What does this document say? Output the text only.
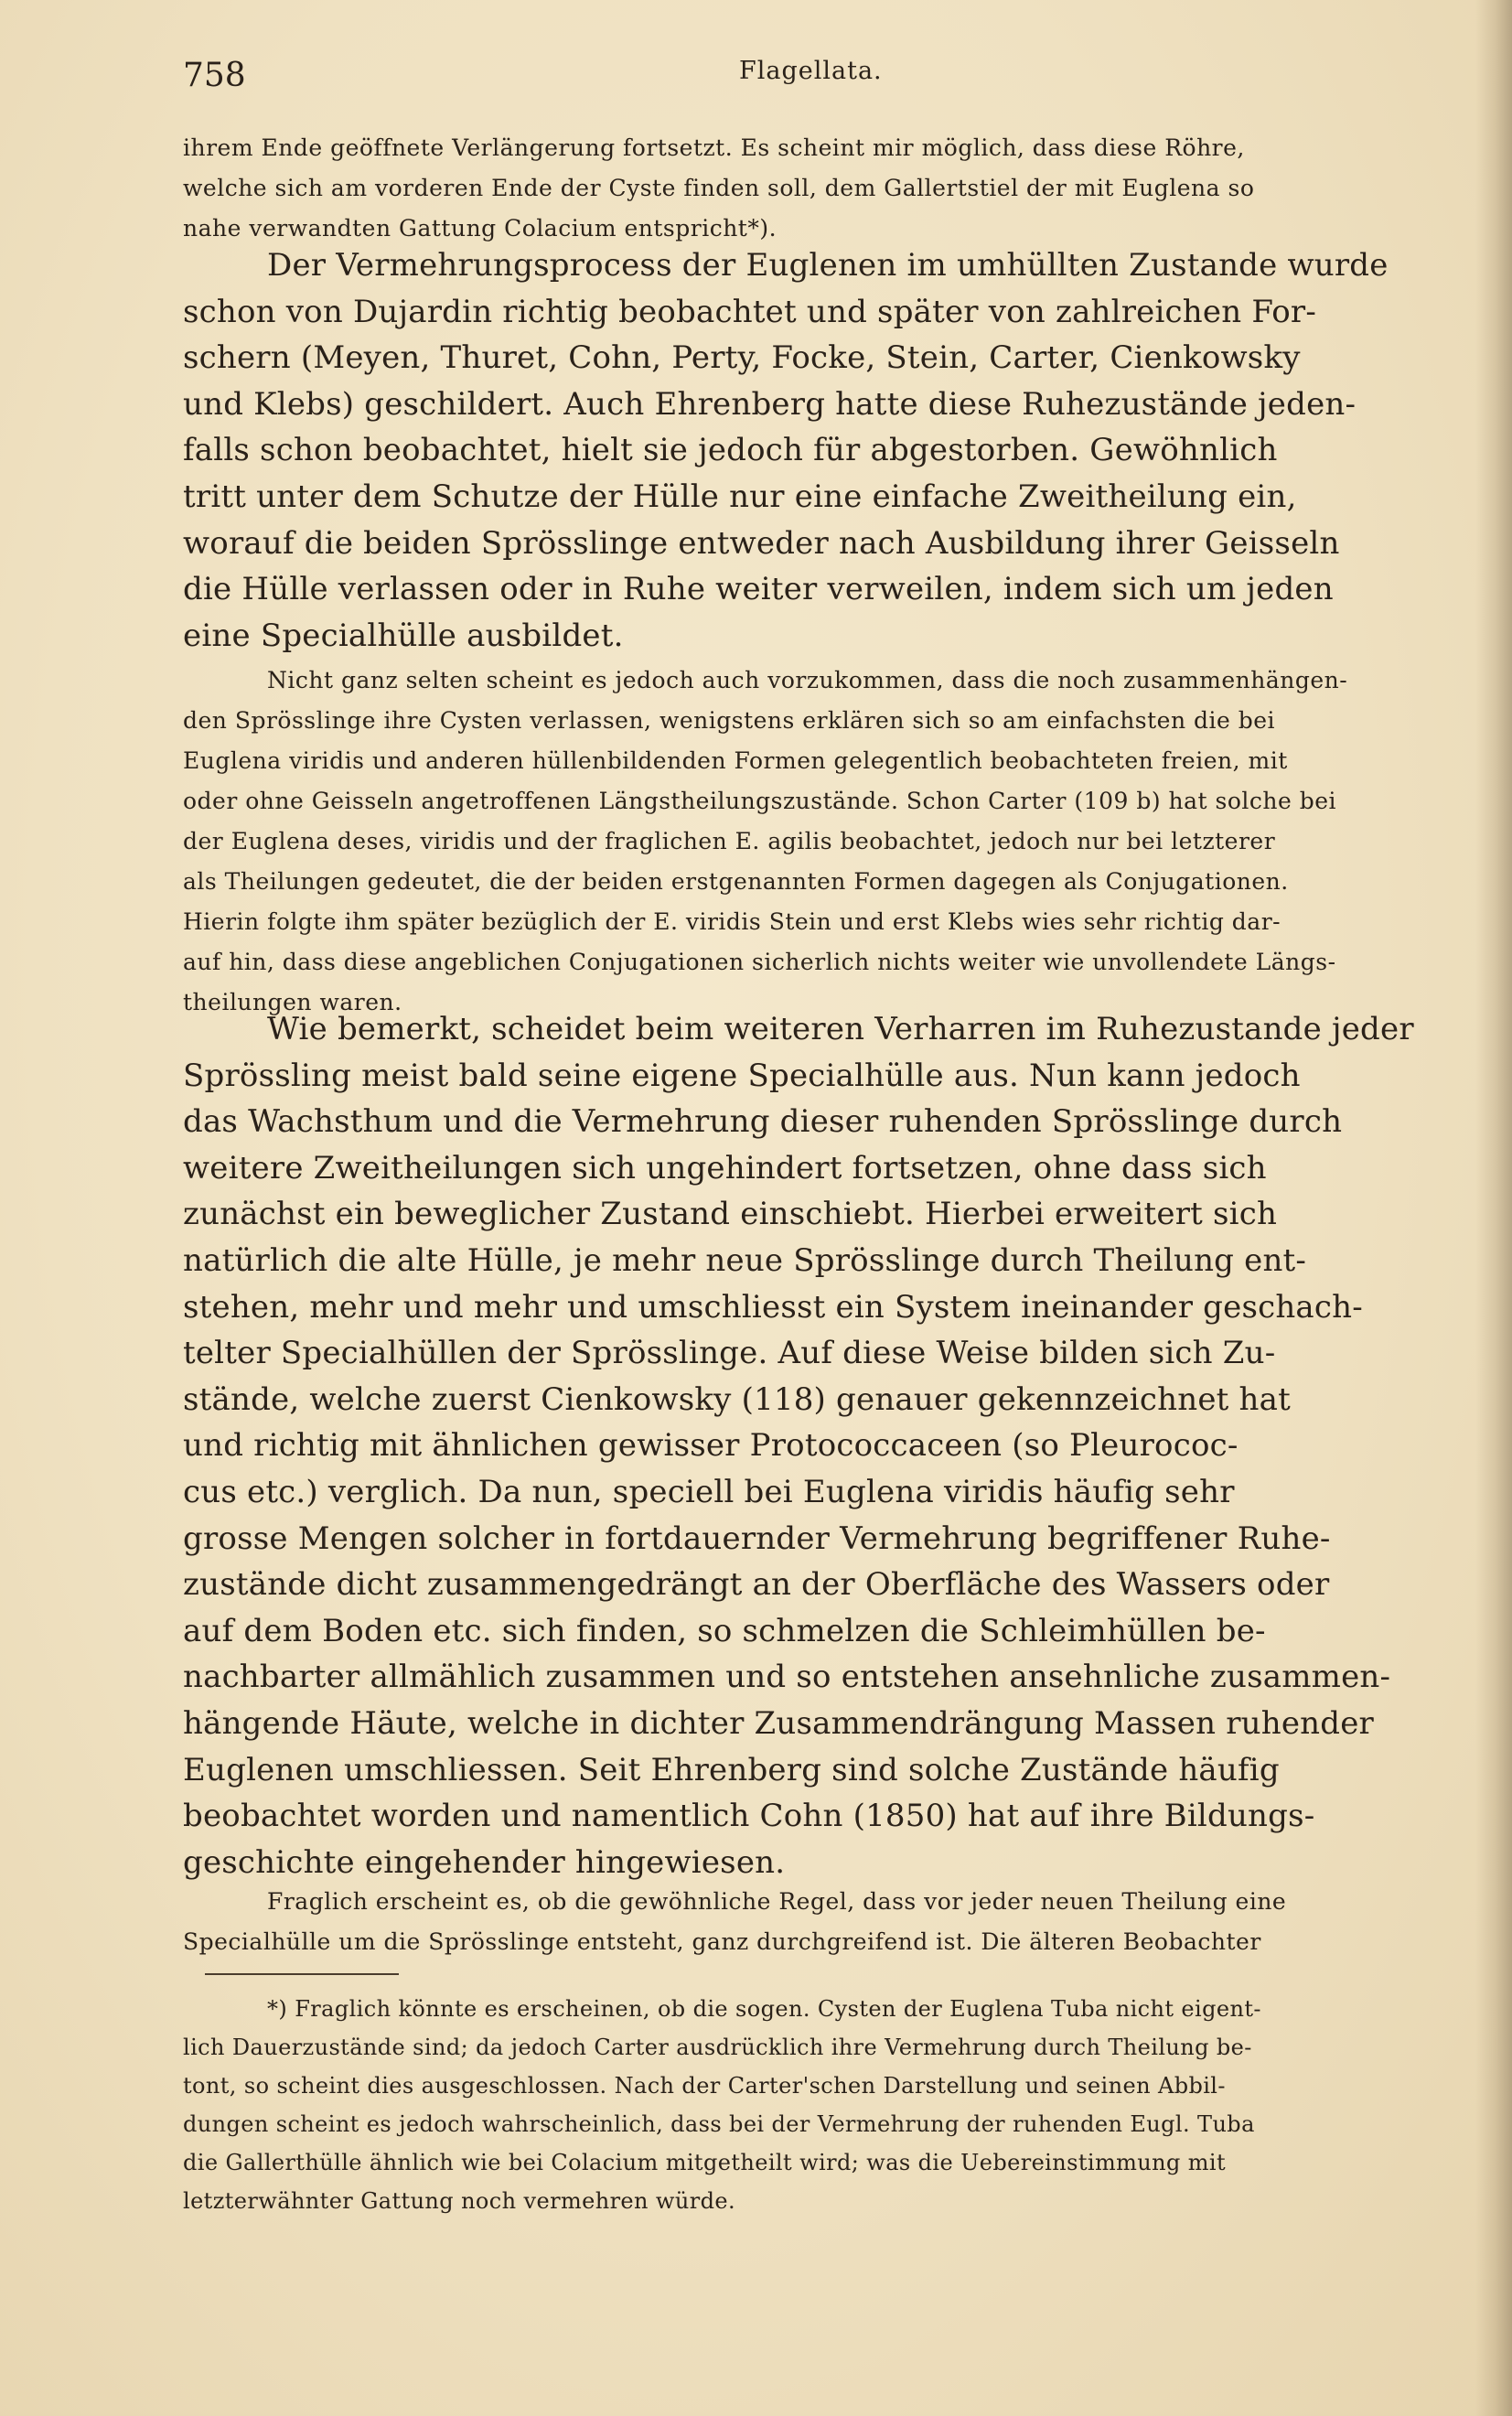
758	Flagellata.
ihrem Ende geöffnete Verlängerung fortsetzt. Es scheint mir möglich, dass diese Röhre,
welche sich am vorderen Ende der Cyste finden soll, dem Gallertstiel der mit Euglena so
nahe verwandten Gattung Colacium entspricht*).
Der Vermehrungsprocess der Euglenen im umhüllten Zustande wurde
schon von Dujardin richtig beobachtet und später von zahlreichen For-
schern (Meyen, Thuret, Cohn, Perty, Focke, Stein, Carter, Cienkowsky
und Klebs) geschildert. Auch Ehrenberg hatte diese Ruhezustände jeden-
falls schon beobachtet, hielt sie jedoch für abgestorben. Gewöhnlich
tritt unter dem Schutze der Hülle nur eine einfache Zweitheilung ein,
worauf die beiden Sprösslinge entweder nach Ausbildung ihrer Geisseln
die Hülle verlassen oder in Ruhe weiter verweilen, indem sich um jeden
eine Specialhülle ausbildet.
Nicht ganz selten scheint es jedoch auch vorzukommen, dass die noch zusammenhängen-
den Sprösslinge ihre Cysten verlassen, wenigstens erklären sich so am einfachsten die bei
Euglena viridis und anderen hüllenbildenden Formen gelegentlich beobachteten freien, mit
oder ohne Geisseln angetroffenen Längstheilungszustände. Schon Carter (109 b) hat solche bei
der Euglena deses, viridis und der fraglichen E. agilis beobachtet, jedoch nur bei letzterer
als Theilungen gedeutet, die der beiden erstgenannten Formen dagegen als Conjugationen.
Hierin folgte ihm später bezüglich der E. viridis Stein und erst Klebs wies sehr richtig dar-
auf hin, dass diese angeblichen Conjugationen sicherlich nichts weiter wie unvollendete Längs-
theilungen waren.
Wie bemerkt, scheidet beim weiteren Verharren im Ruhezustande jeder
Sprössling meist bald seine eigene Specialhülle aus. Nun kann jedoch
das Wachsthum und die Vermehrung dieser ruhenden Sprösslinge durch
weitere Zweitheilungen sich ungehindert fortsetzen, ohne dass sich
zunächst ein beweglicher Zustand einschiebt. Hierbei erweitert sich
natürlich die alte Hülle, je mehr neue Sprösslinge durch Theilung ent-
stehen, mehr und mehr und umschliesst ein System ineinander geschach-
telter Specialhüllen der Sprösslinge. Auf diese Weise bilden sich Zu-
stände, welche zuerst Cienkowsky (118) genauer gekennzeichnet hat
und richtig mit ähnlichen gewisser Protococcaceen (so Pleurococ-
cus etc.) verglich. Da nun, speciell bei Euglena viridis häufig sehr
grosse Mengen solcher in fortdauernder Vermehrung begriffener Ruhe-
zustände dicht zusammengedrängt an der Oberfläche des Wassers oder
auf dem Boden etc. sich finden, so schmelzen die Schleimhüllen be-
nachbarter allmählich zusammen und so entstehen ansehnliche zusammen-
hängende Häute, welche in dichter Zusammendrängung Massen ruhender
Euglenen umschliessen. Seit Ehrenberg sind solche Zustände häufig
beobachtet worden und namentlich Cohn (1850) hat auf ihre Bildungs-
geschichte eingehender hingewiesen.
Fraglich erscheint es, ob die gewöhnliche Regel, dass vor jeder neuen Theilung eine
Specialhülle um die Sprösslinge entsteht, ganz durchgreifend ist. Die älteren Beobachter
*) Fraglich könnte es erscheinen, ob die sogen. Cysten der Euglena Tuba nicht eigent-
lich Dauerzustände sind; da jedoch Carter ausdrücklich ihre Vermehrung durch Theilung be-
tont, so scheint dies ausgeschlossen. Nach der Carter'schen Darstellung und seinen Abbil-
dungen scheint es jedoch wahrscheinlich, dass bei der Vermehrung der ruhenden Eugl. Tuba
die Gallerthülle ähnlich wie bei Colacium mitgetheilt wird; was die Uebereinstimmung mit
letzterwähnter Gattung noch vermehren würde.
